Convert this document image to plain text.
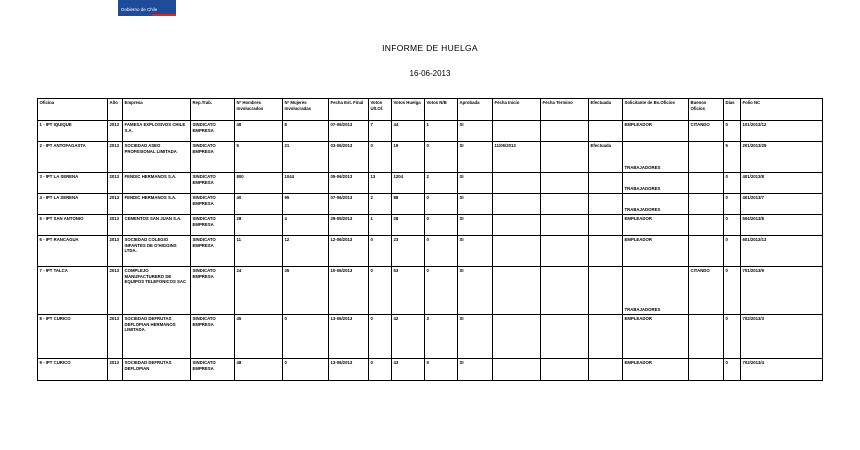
Gobierno de Chile
INFORME DE HUELGA
16-06-2013
Oficina	Año	Empresa	Rep.Trab.	Nº Hombres Involucrados	Nº Mujeres Involucradas	Fecha Est. Final	Votos Ult.Of.	Votos Huelga	Votos N/B	Aprobada	Fecha Inicio	Fecha Termino	Efectuada	Solicitante de Bs.Oficios	Buenos Oficios	Días	Folio NC
1 - IPT IQUIQUE	2013	FAMESA EXPLOSIVOS CHILE S.A.	SINDICATO EMPRESA	48	8	07-06/2013	7	44	1	SI				EMPLEADOR	CITANDO	0	101/2013/12
2 - IPT ANTOFAGASTA	2013	SOCIEDAD ASEO PROFESIONAL LIMITADA	SINDICATO EMPRESA	5	21	03-06/2013	0	19	0	SI	11/06/2013		Efectuada	TRABAJADORES		5	201/2013/29
3 - IPT LA SERENA	2013	FENDIC HERMANOS S.A.	SINDICATO EMPRESA	800	1044	05-06/2013	13	1204	2	SI				TRABAJADORES		0	401/2013/8
4 - IPT LA SERENA	2013	FENDIC HERMANOS S.A.	SINDICATO EMPRESA	40	95	07-06/2013	2	88	0	SI				TRABAJADORES		0	401/2013/7
5 - IPT SAN ANTONIO	2013	CEMENTOS SAN JUAN S.A.	SINDICATO EMPRESA	28	4	29-05/2013	1	28	0	SI				EMPLEADOR		0	504/2013/8
6 - IPT RANCAGUA	2013	SOCIEDAD COLEGIO INFANTES DE O'HIGGINS LTDA.	SINDICATO EMPRESA	11	12	12-06/2013	0	23	0	SI				EMPLEADOR		0	601/2013/13
7 - IPT TALCA	2013	COMPLEJO MANUFACTURERO DE EQUIPOS TELEFONICOS SAC	SINDICATO EMPRESA	24	35	10-06/2013	0	53	0	SI				TRABAJADORES	CITANDO	0	701/2013/9
8 - IPT CURICO	2013	SOCIEDAD DEFRUTAS DEFLOPIAN HERMANOS LIMITADA	SINDICATO EMPRESA	45	0	13-06/2013	0	42	3	SI				EMPLEADOR		0	702/2013/3
9 - IPT CURICO	2013	SOCIEDAD DEFRUTAS DEFLOPIAN	SINDICATO EMPRESA	48	0	13-06/2013	0	43	5	SI				EMPLEADOR		0	702/2013/4
